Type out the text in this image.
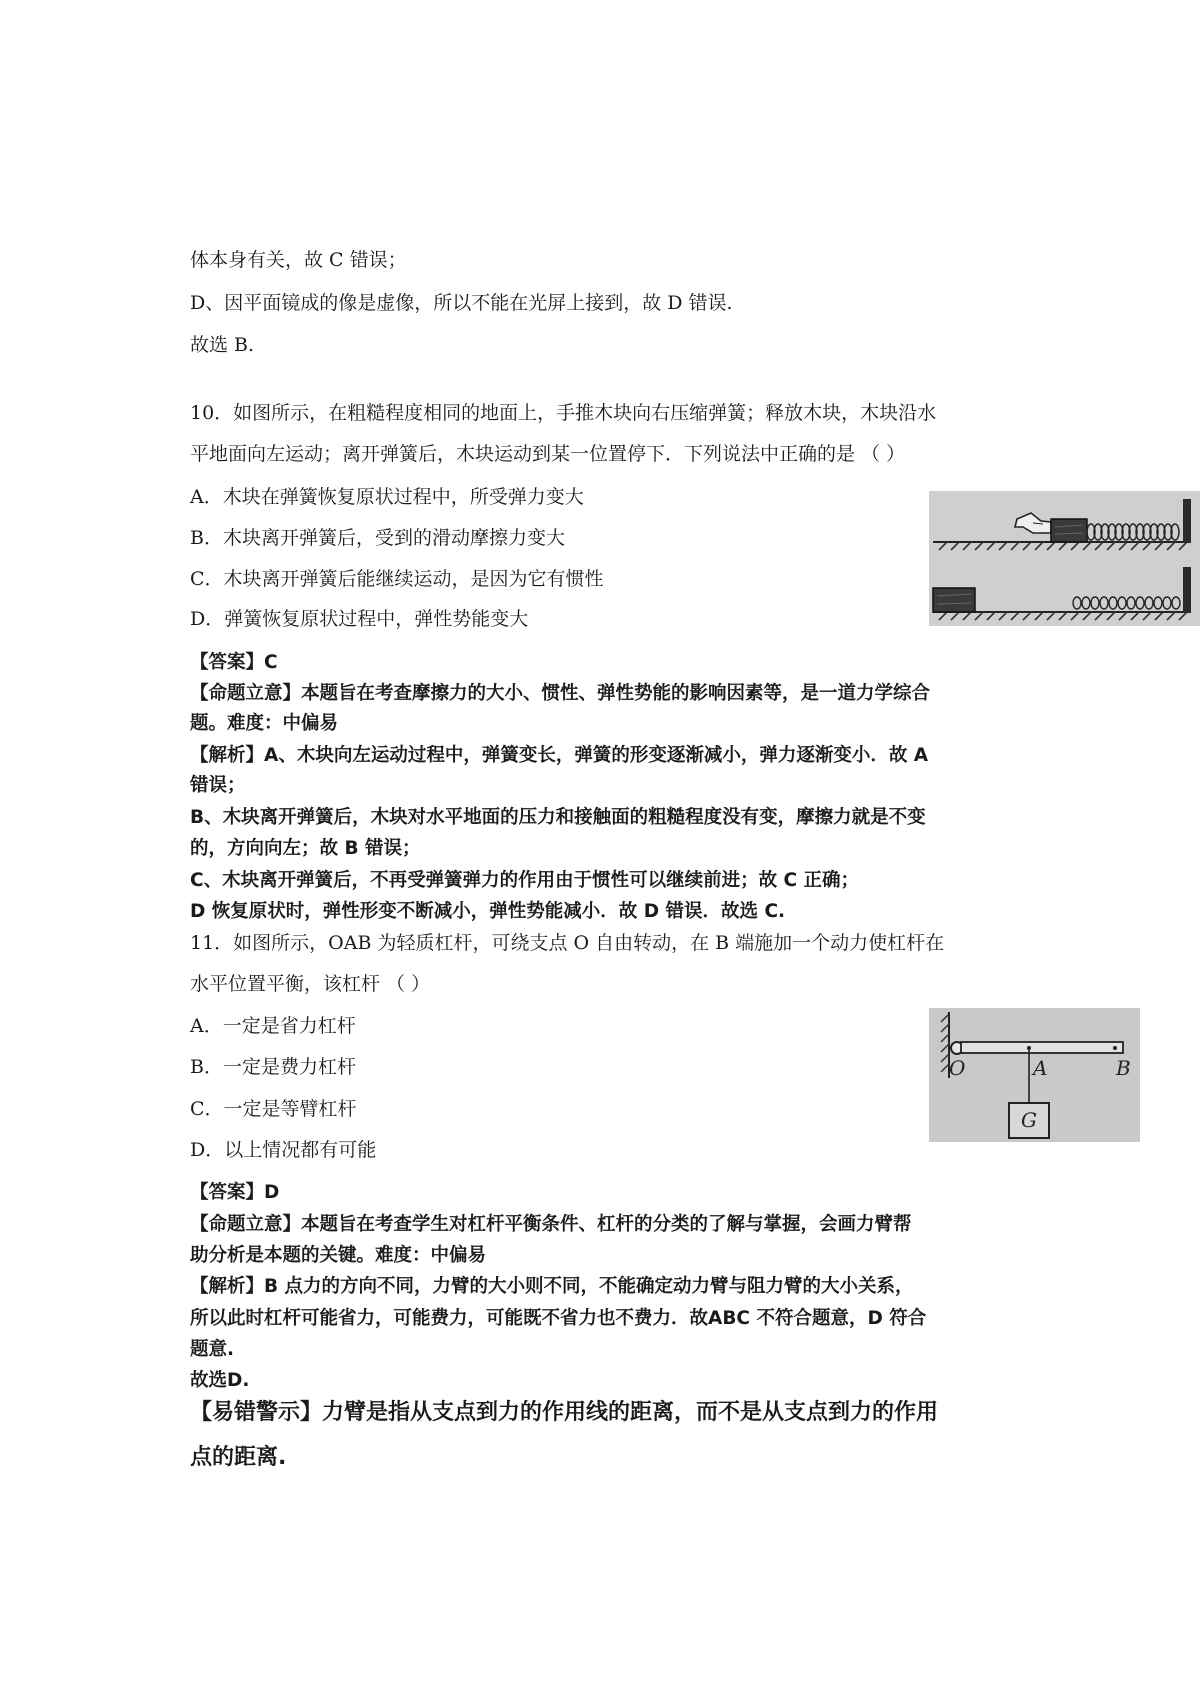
体本身有关，故 C 错误；
D、因平面镜成的像是虚像，所以不能在光屏上接到，故 D 错误.
故选 B.
10．如图所示，在粗糙程度相同的地面上，手推木块向右压缩弹簧；释放木块，木块沿水
平地面向左运动；离开弹簧后，木块运动到某一位置停下．下列说法中正确的是 （ ）
A．木块在弹簧恢复原状过程中，所受弹力变大
B．木块离开弹簧后，受到的滑动摩擦力变大
C．木块离开弹簧后能继续运动，是因为它有惯性
D．弹簧恢复原状过程中，弹性势能变大
【答案】C
【命题立意】本题旨在考查摩擦力的大小、惯性、弹性势能的影响因素等，是一道力学综合
题。难度：中偏易
【解析】A、木块向左运动过程中，弹簧变长，弹簧的形变逐渐减小，弹力逐渐变小．故 A
错误；
B、木块离开弹簧后，木块对水平地面的压力和接触面的粗糙程度没有变，摩擦力就是不变
的，方向向左；故 B 错误；
C、木块离开弹簧后，不再受弹簧弹力的作用由于惯性可以继续前进；故 C 正确；
D 恢复原状时，弹性形变不断减小，弹性势能减小．故 D 错误．故选 C.
11．如图所示，OAB 为轻质杠杆，可绕支点 O 自由转动，在 B 端施加一个动力使杠杆在
水平位置平衡，该杠杆 （ ）
A．一定是省力杠杆
B．一定是费力杠杆
C．一定是等臂杠杆
D．以上情况都有可能
O	A	B
G
【答案】D
【命题立意】本题旨在考查学生对杠杆平衡条件、杠杆的分类的了解与掌握，会画力臂帮
助分析是本题的关键。难度：中偏易
【解析】B 点力的方向不同，力臂的大小则不同，不能确定动力臂与阻力臂的大小关系，
所以此时杠杆可能省力，可能费力，可能既不省力也不费力．故ABC 不符合题意，D 符合
题意.
故选D.
【易错警示】力臂是指从支点到力的作用线的距离，而不是从支点到力的作用
点的距离.
